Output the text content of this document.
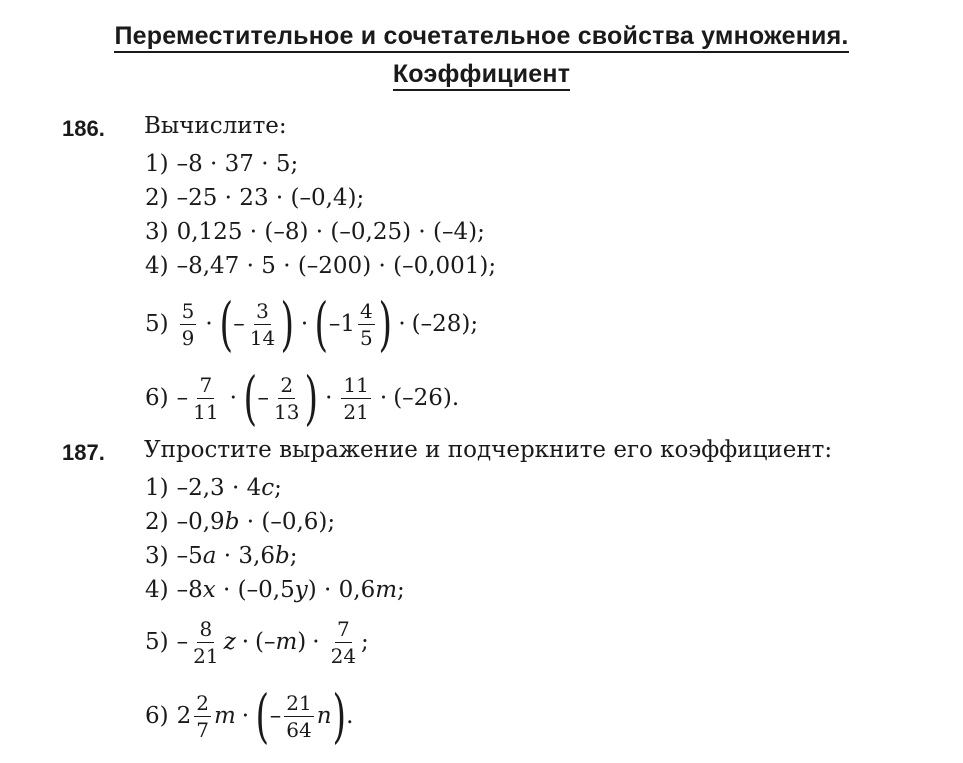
Переместительное и сочетательное свойства умножения.
Коэффициент
186. Вычислите:
1) –8 · 37 · 5;
2) –25 · 23 · (–0,4);
3) 0,125 · (–8) · (–0,25) · (–4);
4) –8,47 · 5 · (–200) · (–0,001);
$5) \frac{5}{9}$ · ( – $\frac{3}{14}$ ) · ( $-1 \frac{4}{5}$ ) · (–28);
$6) - \frac{7}{11}$ · ( – $\frac{2}{13}$ ) · $\frac{11}{21} \cdot (-26)$.
187. Упростите выражение и подчеркните его коэффициент:
1) –2,3 · 4 c ;
2) –0,9 b · (–0,6);
3) –5 a · 3,6 b ;
4) –8 x · (–0,5 y ) · 0,6 m ;
$5) - \frac{8}{21}$ z · (– m ) · $\frac{7}{24}$ ;
6) $2 \frac{2}{7}$ m · ( – $\frac{21}{64}$ n ) .
